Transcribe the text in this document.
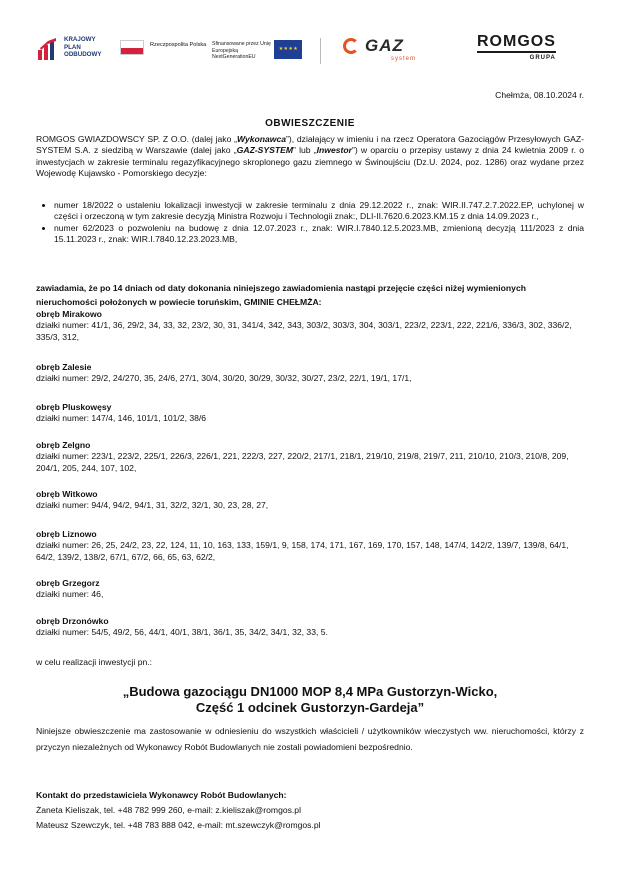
KRAJOWY PLAN ODBUDOWY
Rzeczpospolita Polska	Sfinansowane przez Unię Europejską NextGenerationEU
★ ★ ★ ★	GAZ
system
ROMGOS
GRUPA
Chełmża, 08.10.2024 r.
OBWIESZCZENIE
ROMGOS GWIAZDOWSCY SP. Z O.O. (dalej jako „Wykonawca”), działający w imieniu i na rzecz Operatora Gazociągów Przesyłowych GAZ-SYSTEM S.A. z siedzibą w Warszawie (dalej jako „GAZ-SYSTEM” lub „Inwestor”) w oparciu o przepisy ustawy z dnia 24 kwietnia 2009 r. o inwestycjach w zakresie terminalu regazyfikacyjnego skroplonego gazu ziemnego w Świnoujściu (Dz.U. 2024, poz. 1286) oraz wydane przez Wojewodę Kujawsko - Pomorskiego decyzje:
• numer 18/2022 o ustaleniu lokalizacji inwestycji w zakresie terminalu z dnia 29.12.2022 r., znak: WIR.II.747.2.7.2022.EP, uchylonej w części i orzeczoną w tym zakresie decyzją Ministra Rozwoju i Technologii znak:, DLI-II.7620.6.2023.KM.15 z dnia 14.09.2023 r.,
• numer 62/2023 o pozwoleniu na budowę z dnia 12.07.2023 r., znak: WIR.I.7840.12.5.2023.MB, zmienioną decyzją 111/2023 z dnia 15.11.2023 r., znak: WIR.I.7840.12.23.2023.MB,
zawiadamia, że po 14 dniach od daty dokonania niniejszego zawiadomienia nastąpi przejęcie części niżej wymienionych nieruchomości położonych w powiecie toruńskim, GMINIE CHEŁMŻA:
obręb Mirakowo
działki numer: 41/1, 36, 29/2, 34, 33, 32, 23/2, 30, 31, 341/4, 342, 343, 303/2, 303/3, 304, 303/1, 223/2, 223/1, 222, 221/6, 336/3, 302, 336/2, 335/3, 312,
obręb Zalesie
działki numer: 29/2, 24/270, 35, 24/6, 27/1, 30/4, 30/20, 30/29, 30/32, 30/27, 23/2, 22/1, 19/1, 17/1,
obręb Pluskowęsy
działki numer: 147/4, 146, 101/1, 101/2, 38/6
obręb Zelgno
działki numer: 223/1, 223/2, 225/1, 226/3, 226/1, 221, 222/3, 227, 220/2, 217/1, 218/1, 219/10, 219/8, 219/7, 211, 210/10, 210/3, 210/8, 209, 204/1, 205, 244, 107, 102,
obręb Witkowo
działki numer: 94/4, 94/2, 94/1, 31, 32/2, 32/1, 30, 23, 28, 27,
obręb Liznowo
działki numer: 26, 25, 24/2, 23, 22, 124, 11, 10, 163, 133, 159/1, 9, 158, 174, 171, 167, 169, 170, 157, 148, 147/4, 142/2, 139/7, 139/8, 64/1, 64/2, 139/2, 138/2, 67/1, 67/2, 66, 65, 63, 62/2,
obręb Grzegorz
działki numer: 46,
obręb Drzonówko
działki numer: 54/5, 49/2, 56, 44/1, 40/1, 38/1, 36/1, 35, 34/2, 34/1, 32, 33, 5.
w celu realizacji inwestycji pn.:
„Budowa gazociągu DN1000 MOP 8,4 MPa Gustorzyn-Wicko,
Część 1 odcinek Gustorzyn-Gardeja”
Niniejsze obwieszczenie ma zastosowanie w odniesieniu do wszystkich właścicieli / użytkowników wieczystych ww. nieruchomości, którzy z przyczyn niezależnych od Wykonawcy Robót Budowlanych nie zostali powiadomieni bezpośrednio.
Kontakt do przedstawiciela Wykonawcy Robót Budowlanych:
Żaneta Kieliszak, tel. +48 782 999 260, e-mail: z.kieliszak@romgos.pl
Mateusz Szewczyk, tel. +48 783 888 042, e-mail: mt.szewczyk@romgos.pl
